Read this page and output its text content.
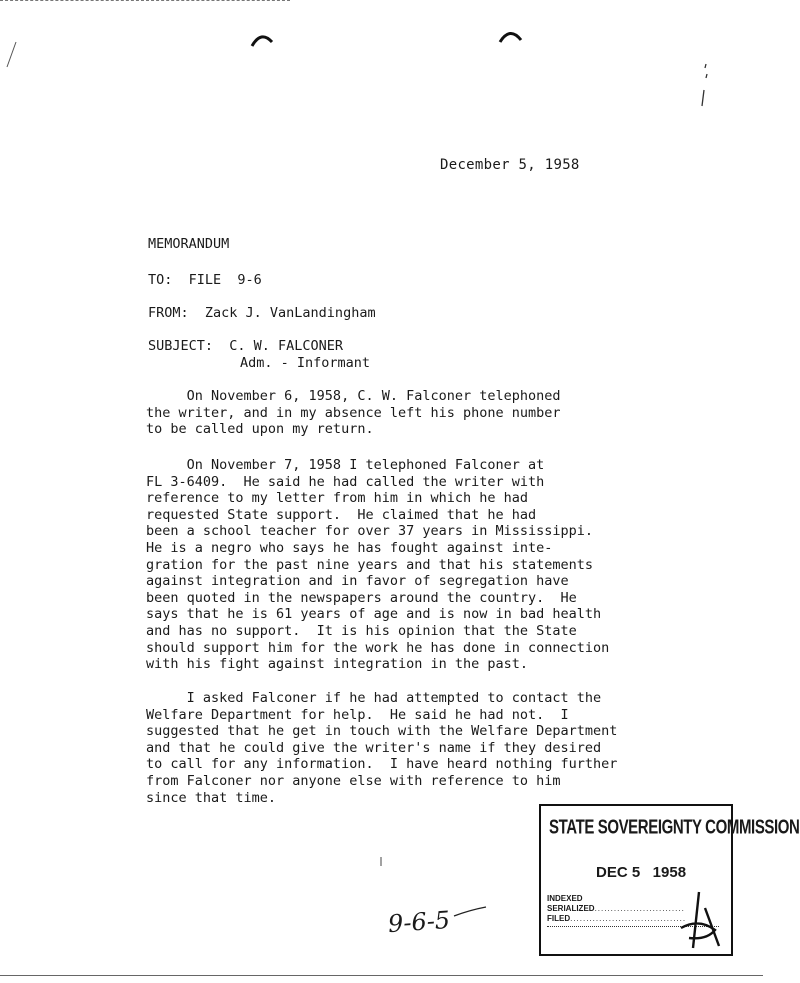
December 5, 1958
MEMORANDUM
TO:  FILE  9-6
FROM:  Zack J. VanLandingham
SUBJECT:  C. W. FALCONER
Adm. - Informant

On November 6, 1958, C. W. Falconer telephoned
the writer, and in my absence left his phone number
to be called upon my return.

On November 7, 1958 I telephoned Falconer at
FL 3-6409.  He said he had called the writer with
reference to my letter from him in which he had
requested State support.  He claimed that he had
been a school teacher for over 37 years in Mississippi.
He is a negro who says he has fought against inte-
gration for the past nine years and that his statements
against integration and in favor of segregation have
been quoted in the newspapers around the country.  He
says that he is 61 years of age and is now in bad health
and has no support.  It is his opinion that the State
should support him for the work he has done in connection
with his fight against integration in the past.

I asked Falconer if he had attempted to contact the
Welfare Department for help.  He said he had not.  I
suggested that he get in touch with the Welfare Department
and that he could give the writer's name if they desired
to call for any information.  I have heard nothing further
from Falconer nor anyone else with reference to him
since that time.

STATE SOVEREIGNTY COMMISSION
DEC 5   1958
INDEXED
SERIALIZED............................
FILED....................................
9-6-5
